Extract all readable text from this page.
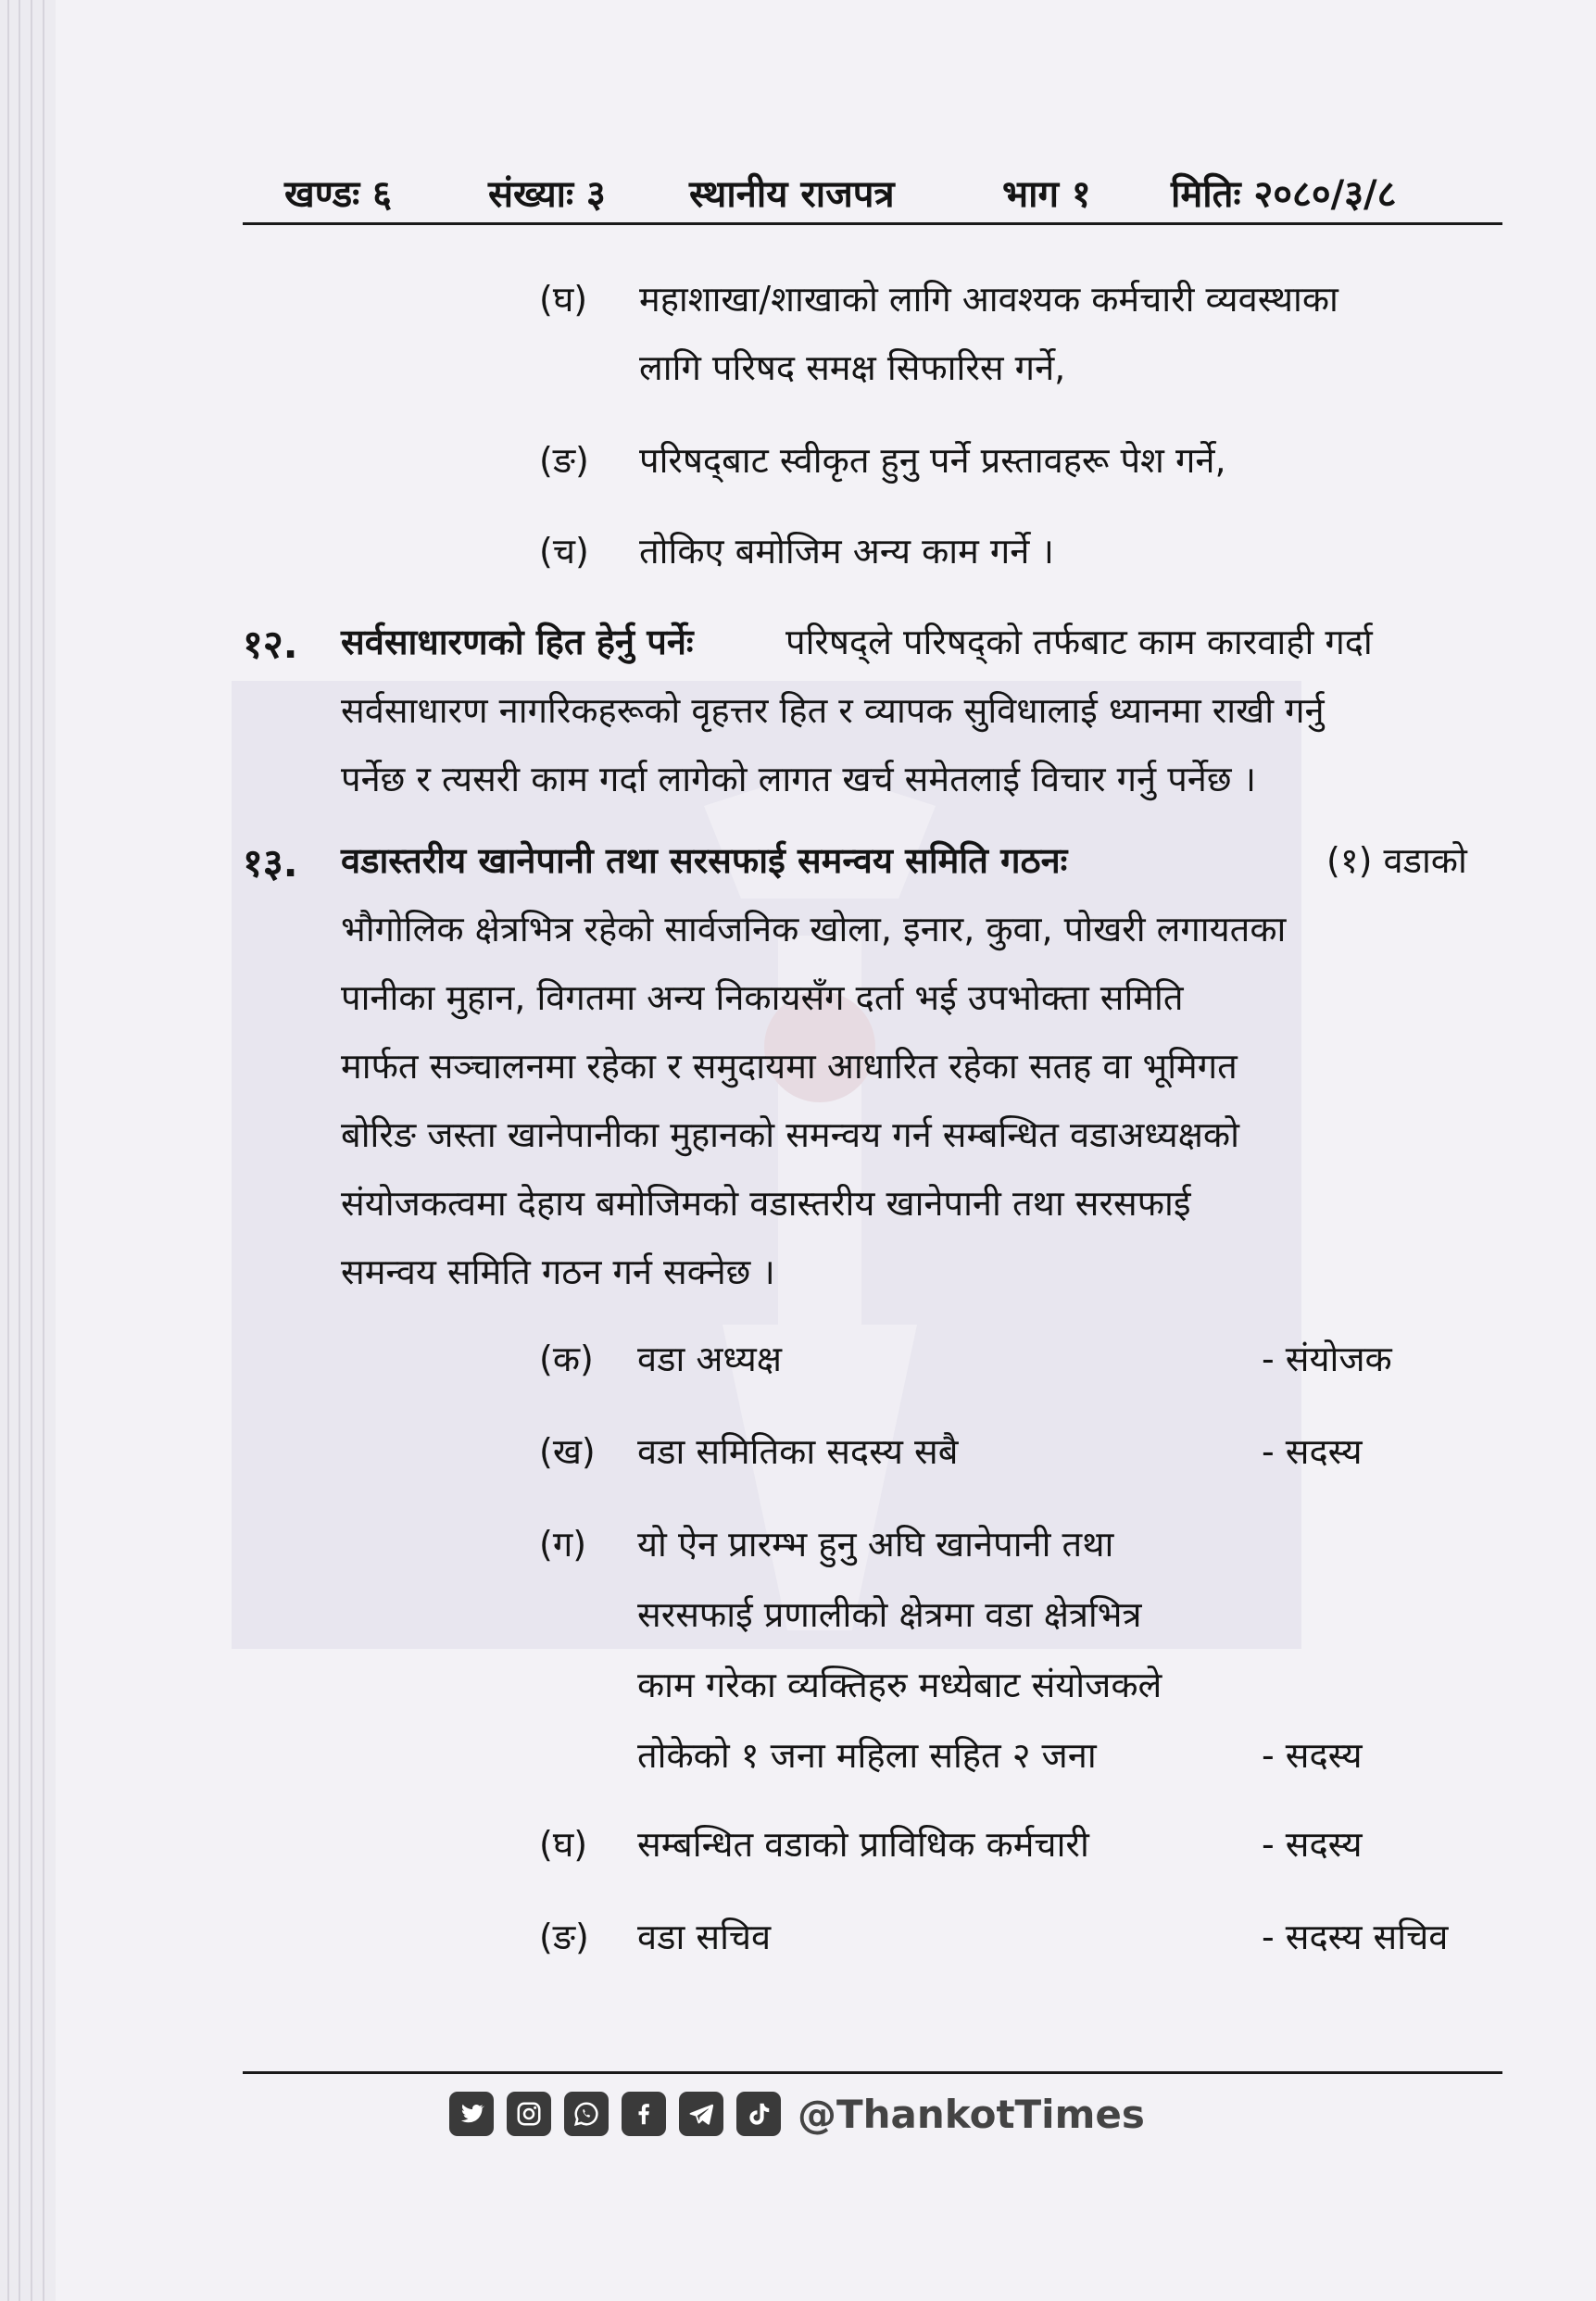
खण्डः ६	संख्याः ३ स्थानीय राजपत्र	भाग १ मितिः २०८०/३/८
(घ) महाशाखा/शाखाको लागि आवश्यक कर्मचारी व्यवस्थाका
लागि परिषद समक्ष सिफारिस गर्ने,
(ङ) परिषद्‌बाट स्वीकृत हुनु पर्ने प्रस्तावहरू पेश गर्ने,
(च) तोकिए बमोजिम अन्य काम गर्ने ।
१२. सर्वसाधारणको हित हेर्नु पर्नेः	परिषद्‌ले परिषद्‌को तर्फबाट काम कारवाही गर्दा
सर्वसाधारण नागरिकहरूको वृहत्तर हित र व्यापक सुविधालाई ध्यानमा राखी गर्नु
पर्नेछ र त्यसरी काम गर्दा लागेको लागत खर्च समेतलाई विचार गर्नु पर्नेछ ।
१३. वडास्तरीय खानेपानी तथा सरसफाई समन्वय समिति गठनः	(१) वडाको
भौगोलिक क्षेत्रभित्र रहेको सार्वजनिक खोला, इनार, कुवा, पोखरी लगायतका
पानीका मुहान, विगतमा अन्य निकायसँग दर्ता भई उपभोक्ता समिति
मार्फत सञ्चालनमा रहेका र समुदायमा आधारित रहेका सतह वा भूमिगत
बोरिङ जस्ता खानेपानीका मुहानको समन्वय गर्न सम्बन्धित वडाअध्यक्षको
संयोजकत्वमा देहाय बमोजिमको वडास्तरीय खानेपानी तथा सरसफाई
समन्वय समिति गठन गर्न सक्नेछ ।
(क) वडा अध्यक्ष	- संयोजक
(ख) वडा समितिका सदस्य सबै	- सदस्य
(ग) यो ऐन प्रारम्भ हुनु अघि खानेपानी तथा
सरसफाई प्रणालीको क्षेत्रमा वडा क्षेत्रभित्र
काम गरेका व्यक्तिहरु मध्येबाट संयोजकले
तोकेको १ जना महिला सहित २ जना	- सदस्य
(घ) सम्बन्धित वडाको प्राविधिक कर्मचारी	- सदस्य
(ङ) वडा सचिव	- सदस्य सचिव
@ThankotTimes
